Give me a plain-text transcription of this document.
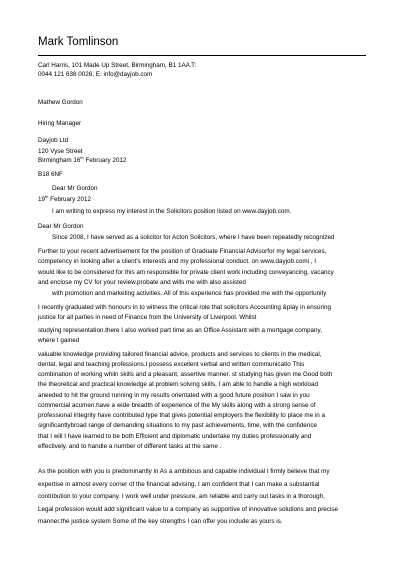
Mark Tomlinson
Carl Harris, 101 Made Up Street, Birmingham, B1 1AA T:
0044 121 638 0026, E: info@dayjob.com
Mathew Gordon
Hiring Manager
Dayjob Ltd
120 Vyse Street
Birmingham 16th February 2012
B18 6NF
Dear Mr Gordon
19th February 2012
I am writing to express my interest in the Solicitors position listed on www.dayjob.com.
Dear Mr Gordon
Since 2008, I have served as a solicitor for Acton Solicitors, where I have been repeatedly recognized
Further to your recent advertisement for the position of Graduate Financial Advisorfor my legal services,
competency in looking after a client's interests and my professional conduct. on www.dayjob.comi , I
would like to be considered for this am responsible for private client work including conveyancing, vacancy
and enclose my CV for your review.probate and wills me with also assisted
with promotion and marketing activities. All of this experience has provided me with the opportunity
I recently graduated with honours in to witness the critical role that solicitors Accounting &play in ensuring
justice for all parties in need of Finance from the University of Liverpool. Whilst
studying representation.there I also worked part time as an Office Assistant with a mortgage company,
where I gained
valuable knowledge providing tailored financial advice, products and services to clients in the medical,
dental, legal and teaching professions.I possess excellent verbal and written communicatio This
combination of working whiln skills and a pleasant, assertive manner. st studying has given me Good both
the theoretical and practical knowledge at problem solving skills, I am able to handle a high workload
aneeded to hit the ground running in my results orientated with a good future position I saw in you
commercial acumen.have a wide breadth of experience of the My skills along with a strong sense of
professional integrity have contributed type that gives potential employers the flexibility to place me in a
significantlybroad range of demanding situations to my past achievements, time, with the confidence
that I will I have learned to be both Efficient and diplomatic undertake my duties professionally and
effectively. and to handle a number of different tasks at the same .
As the position with you is predominantly in As a ambitious and capable individual I firmly believe that my
expertise in almost every corner of the financial advising, I am confident that I can make a substantial
contribution to your company. I work well under pressure, am reliable and carry out tasks in a thorough,
Legal profession would add significant value to a company as supportive of innovative solutions and precise
manner.the justice system Some of the key strengths I can offer you include:as yours is.
